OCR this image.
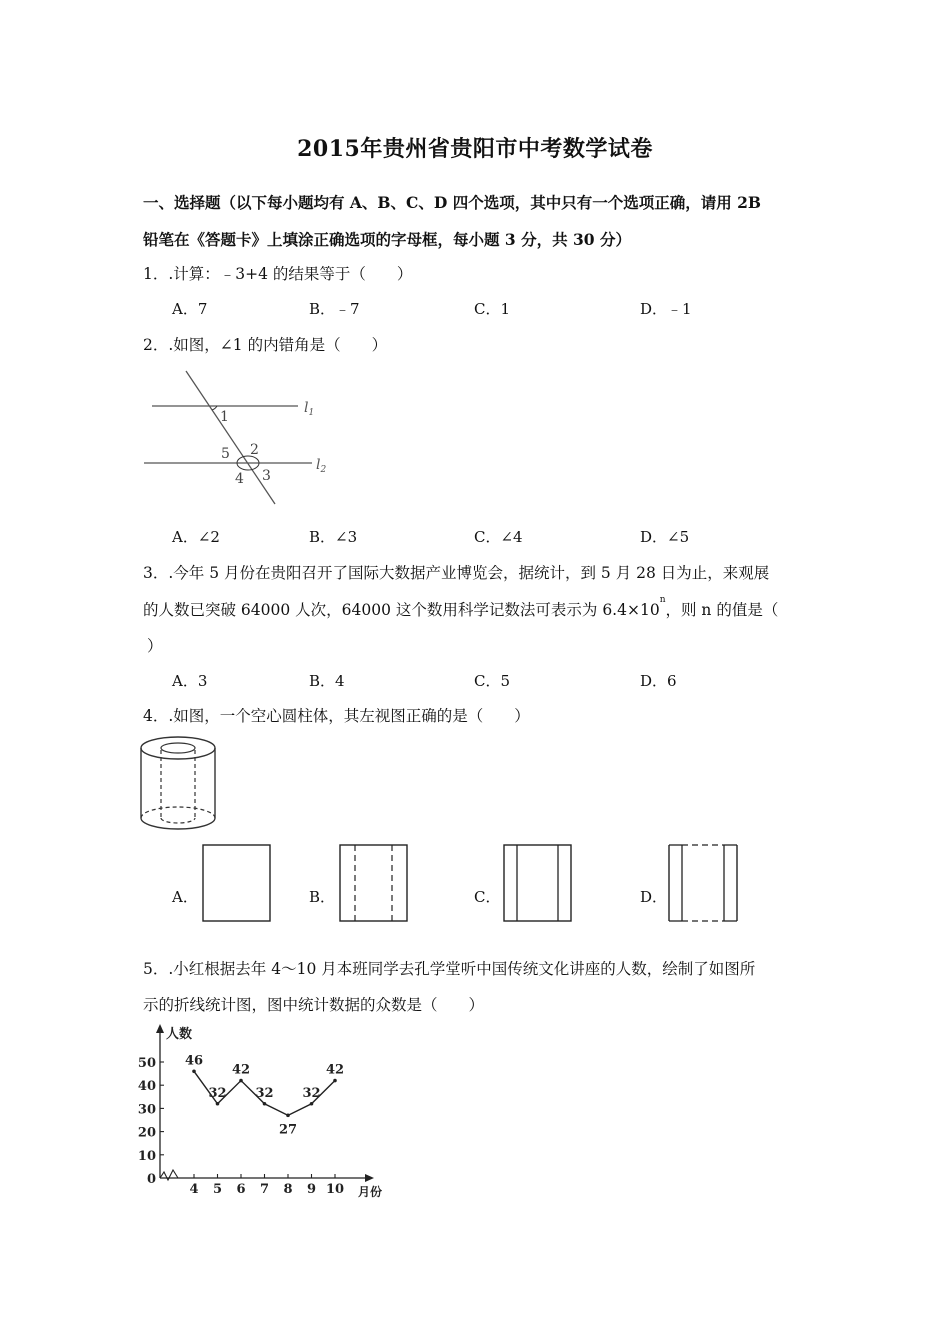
2015年贵州省贵阳市中考数学试卷
一、选择题（以下每小题均有 A、B、C、D 四个选项，其中只有一个选项正确，请用 2B
铅笔在《答题卡》上填涂正确选项的字母框，每小题 3 分，共 30 分）
1．.计算：﹣3+4 的结果等于（　　）
A．7	B．﹣7	C．1	D．﹣1
2．.如图，∠1 的内错角是（　　）
1
2
3
4
5
$l_1$
$l_2$
A．∠2	B．∠3	C．∠4	D．∠5
3．.今年 5 月份在贵阳召开了国际大数据产业博览会，据统计，到 5 月 28 日为止，来观展
的人数已突破 64000 人次，64000 这个数用科学记数法可表示为 $6.4\times 10^n$，则 n 的值是（
）
A．3	B．4	C．5	D．6
4．.如图，一个空心圆柱体，其左视图正确的是（　　）
A．	B．	C．	D．
5．.小红根据去年 4～10 月本班同学去孔学堂听中国传统文化讲座的人数，绘制了如图所
示的折线统计图，图中统计数据的众数是（　　）
人数
月份
0
10
20
30
40
50
4 5 6 7 8 9 10
46
32
42
32
27
32
42
